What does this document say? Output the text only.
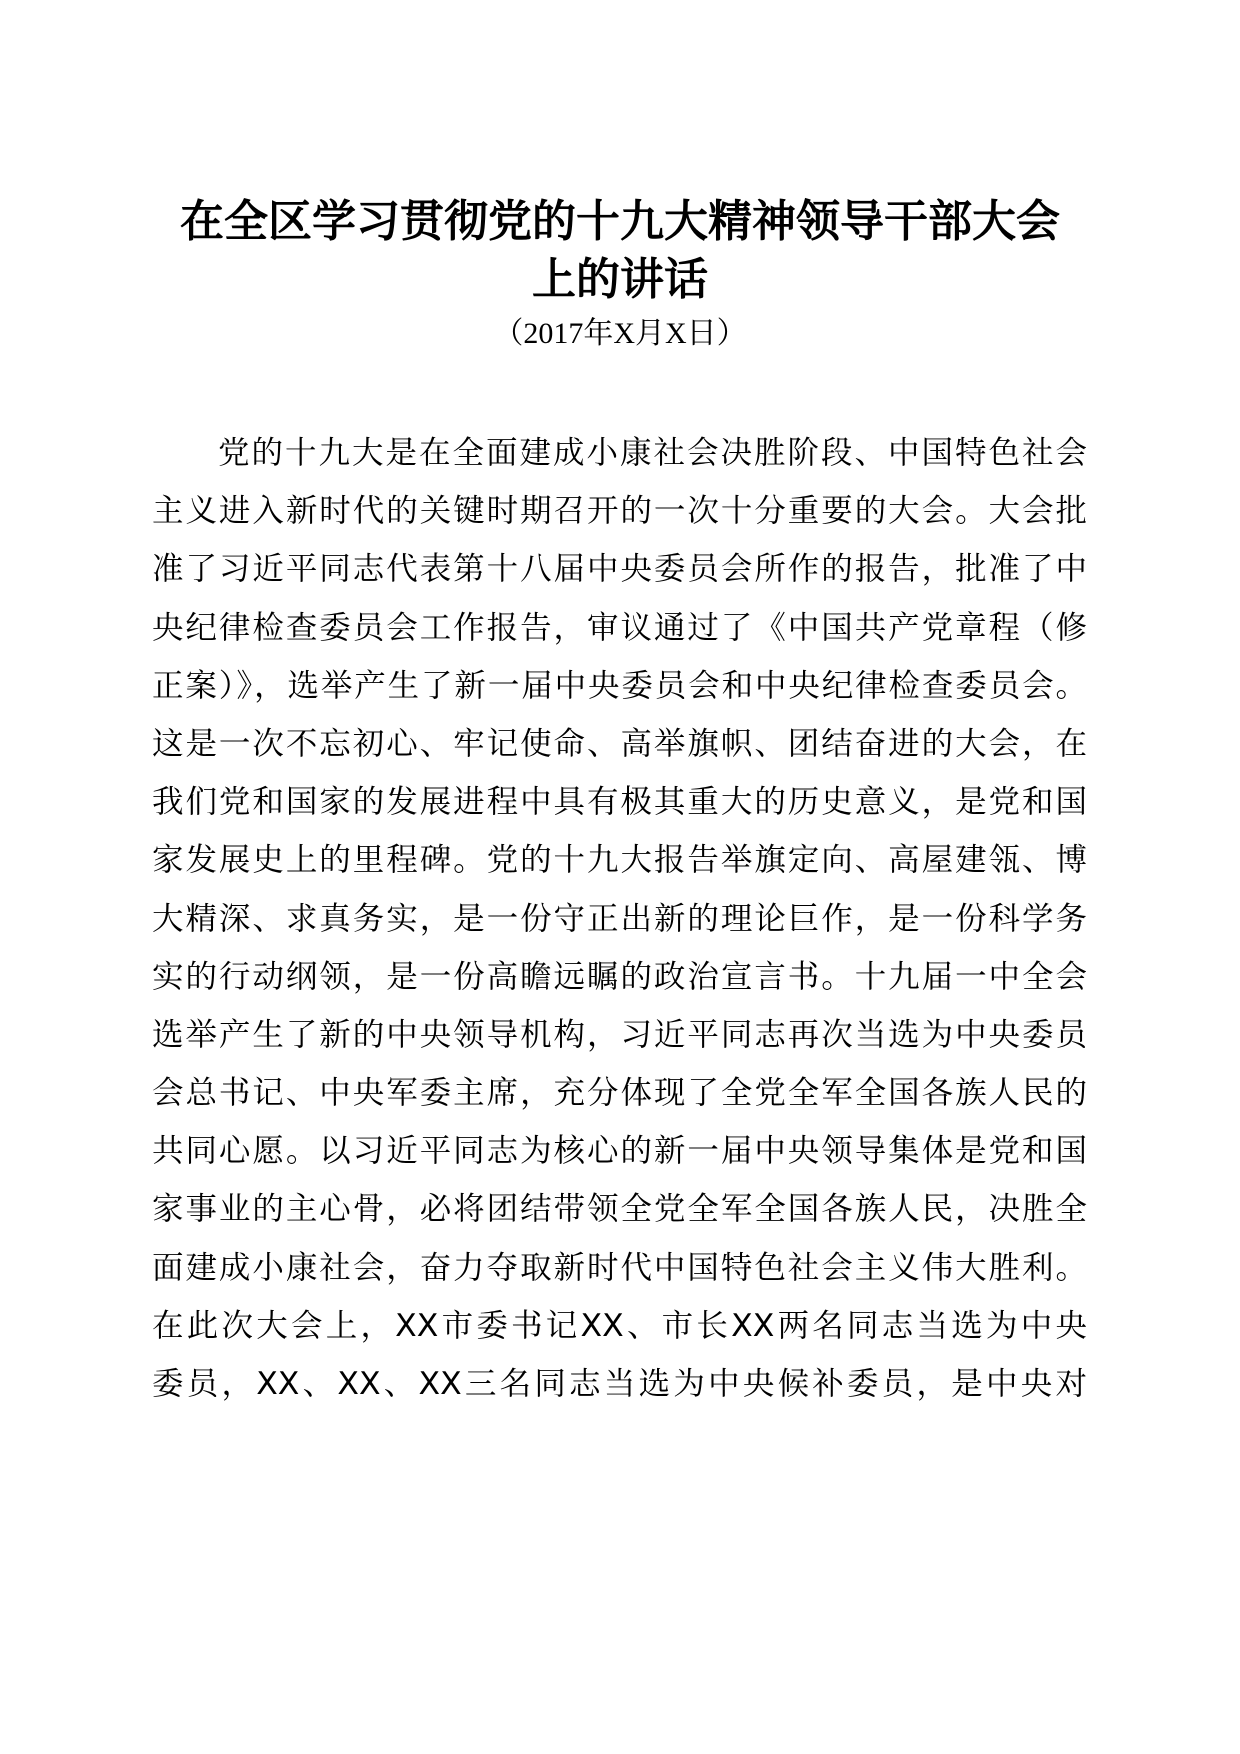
在全区学习贯彻党的十九大精神领导干部大会
上的讲话
（2017年X月X日）
党的十九大是在全面建成小康社会决胜阶段、中国特色社会
主义进入新时代的关键时期召开的一次十分重要的大会。大会批
准了习近平同志代表第十八届中央委员会所作的报告，批准了中
央纪律检查委员会工作报告，审议通过了《中国共产党章程（修
正案）》，选举产生了新一届中央委员会和中央纪律检查委员会。
这是一次不忘初心、牢记使命、高举旗帜、团结奋进的大会，在
我们党和国家的发展进程中具有极其重大的历史意义，是党和国
家发展史上的里程碑。党的十九大报告举旗定向、高屋建瓴、博
大精深、求真务实，是一份守正出新的理论巨作，是一份科学务
实的行动纲领，是一份高瞻远瞩的政治宣言书。十九届一中全会
选举产生了新的中央领导机构，习近平同志再次当选为中央委员
会总书记、中央军委主席，充分体现了全党全军全国各族人民的
共同心愿。以习近平同志为核心的新一届中央领导集体是党和国
家事业的主心骨，必将团结带领全党全军全国各族人民，决胜全
面建成小康社会，奋力夺取新时代中国特色社会主义伟大胜利。
在此次大会上，XX市委书记XX、市长XX两名同志当选为中央
委员，XX、XX、XX三名同志当选为中央候补委员，是中央对
